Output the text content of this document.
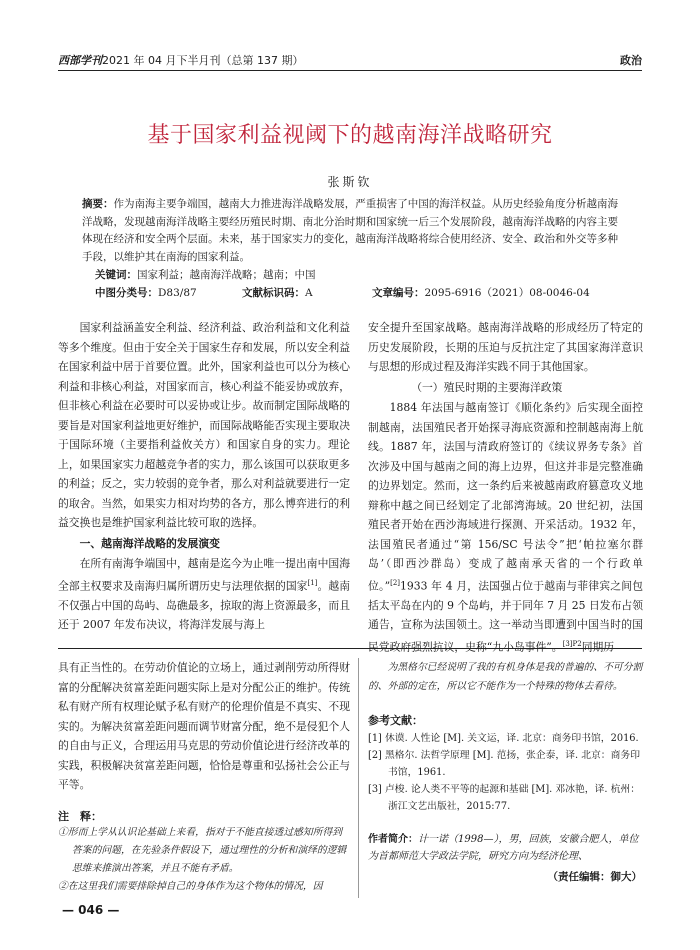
西部学刊2021 年 04 月下半月刊（总第 137 期）	政治
基于国家利益视阈下的越南海洋战略研究
张斯钦
摘要：作为南海主要争端国，越南大力推进海洋战略发展，严重损害了中国的海洋权益。从历史经验角度分析越南海洋战略，发现越南海洋战略主要经历殖民时期、南北分治时期和国家统一后三个发展阶段，越南海洋战略的内容主要体现在经济和安全两个层面。未来，基于国家实力的变化，越南海洋战略将综合使用经济、安全、政治和外交等多种手段，以维护其在南海的国家利益。
关键词：国家利益；越南海洋战略；越南；中国
中图分类号：D83/87	文献标识码：A	文章编号：2095-6916（2021）08-0046-04

国家利益涵盖安全利益、经济利益、政治利益和文化利益等多个维度。但由于安全关于国家生存和发展，所以安全利益在国家利益中居于首要位置。此外，国家利益也可以分为核心利益和非核心利益，对国家而言，核心利益不能妥协或放弃，但非核心利益在必要时可以妥协或让步。故而制定国际战略的要旨是对国家利益地更好维护，而国际战略能否实现主要取决于国际环境（主要指利益攸关方）和国家自身的实力。理论上，如果国家实力超越竞争者的实力，那么该国可以获取更多的利益；反之，实力较弱的竞争者，那么对利益就要进行一定的取舍。当然，如果实力相对均势的各方，那么博弈进行的利益交换也是维护国家利益比较可取的选择。

一、越南海洋战略的发展演变

在所有南海争端国中，越南是迄今为止唯一提出南中国海全部主权要求及南海归属所谓历史与法理依据的国家[1]。越南不仅强占中国的岛屿、岛礁最多，掠取的海上资源最多，而且还于 2007 年发布决议，将海洋发展与海上

安全提升至国家战略。越南海洋战略的形成经历了特定的历史发展阶段，长期的压迫与反抗注定了其国家海洋意识与思想的形成过程及海洋实践不同于其他国家。

（一）殖民时期的主要海洋政策

1884 年法国与越南签订《顺化条约》后实现全面控制越南，法国殖民者开始探寻海底资源和控制越南海上航线。1887 年，法国与清政府签订的《续议界务专条》首次涉及中国与越南之间的海上边界，但这并非是完整准确的边界划定。然而，这一条约后来被越南政府篡意攻义地辩称中越之间已经划定了北部湾海域。20 世纪初，法国殖民者开始在西沙海域进行探测、开采活动。1932 年，法国殖民者通过“第 156/SC 号法令”把‘帕拉塞尔群岛’（即西沙群岛）变成了越南承天省的一个行政单位。”[2]1933 年 4 月，法国强占位于越南与菲律宾之间包括太平岛在内的 9 个岛屿，并于同年 7 月 25 日发布占领通告，宣称为法国领土。这一举动当即遭到中国当时的国民党政府强烈抗议，史称“九小岛事件”。$^{[3]P2}$同期历

具有正当性的。在劳动价值论的立场上，通过剥削劳动所得财富的分配解决贫富差距问题实际上是对分配公正的维护。传统私有财产所有权理论赋予私有财产的伦理价值是不真实、不现实的。为解决贫富差距问题而调节财富分配，绝不是侵犯个人的自由与正义，合理运用马克思的劳动价值论进行经济改革的实践，积极解决贫富差距问题，恰恰是尊重和弘扬社会公正与平等。

为黑格尔已经说明了我的有机身体是我的普遍的、不可分割的、外部的定在，所以它不能作为一个特殊的物体去看待。

参考文献：
[1] 休谟. 人性论 [M]. 关文运，译. 北京：商务印书馆，2016.
[2] 黑格尔. 法哲学原理 [M]. 范扬，张企泰，译. 北京：商务印书馆，1961.
[3] 卢梭. 论人类不平等的起源和基础 [M]. 邓冰艳，译. 杭州：浙江文艺出版社，2015:77.
注　释：
①形而上学从认识论基础上来看，指对于不能直接透过感知所得到答案的问题，在先验条件假设下，通过理性的分析和演绎的逻辑思维来推演出答案，并且不能有矛盾。
②在这里我们需要排除掉自己的身体作为这个物体的情况，因
作者简介：计一诺（1998—），男，回族，安徽合肥人，单位为首都师范大学政法学院，研究方向为经济伦理、
（责任编辑：御大）
— 046 —
